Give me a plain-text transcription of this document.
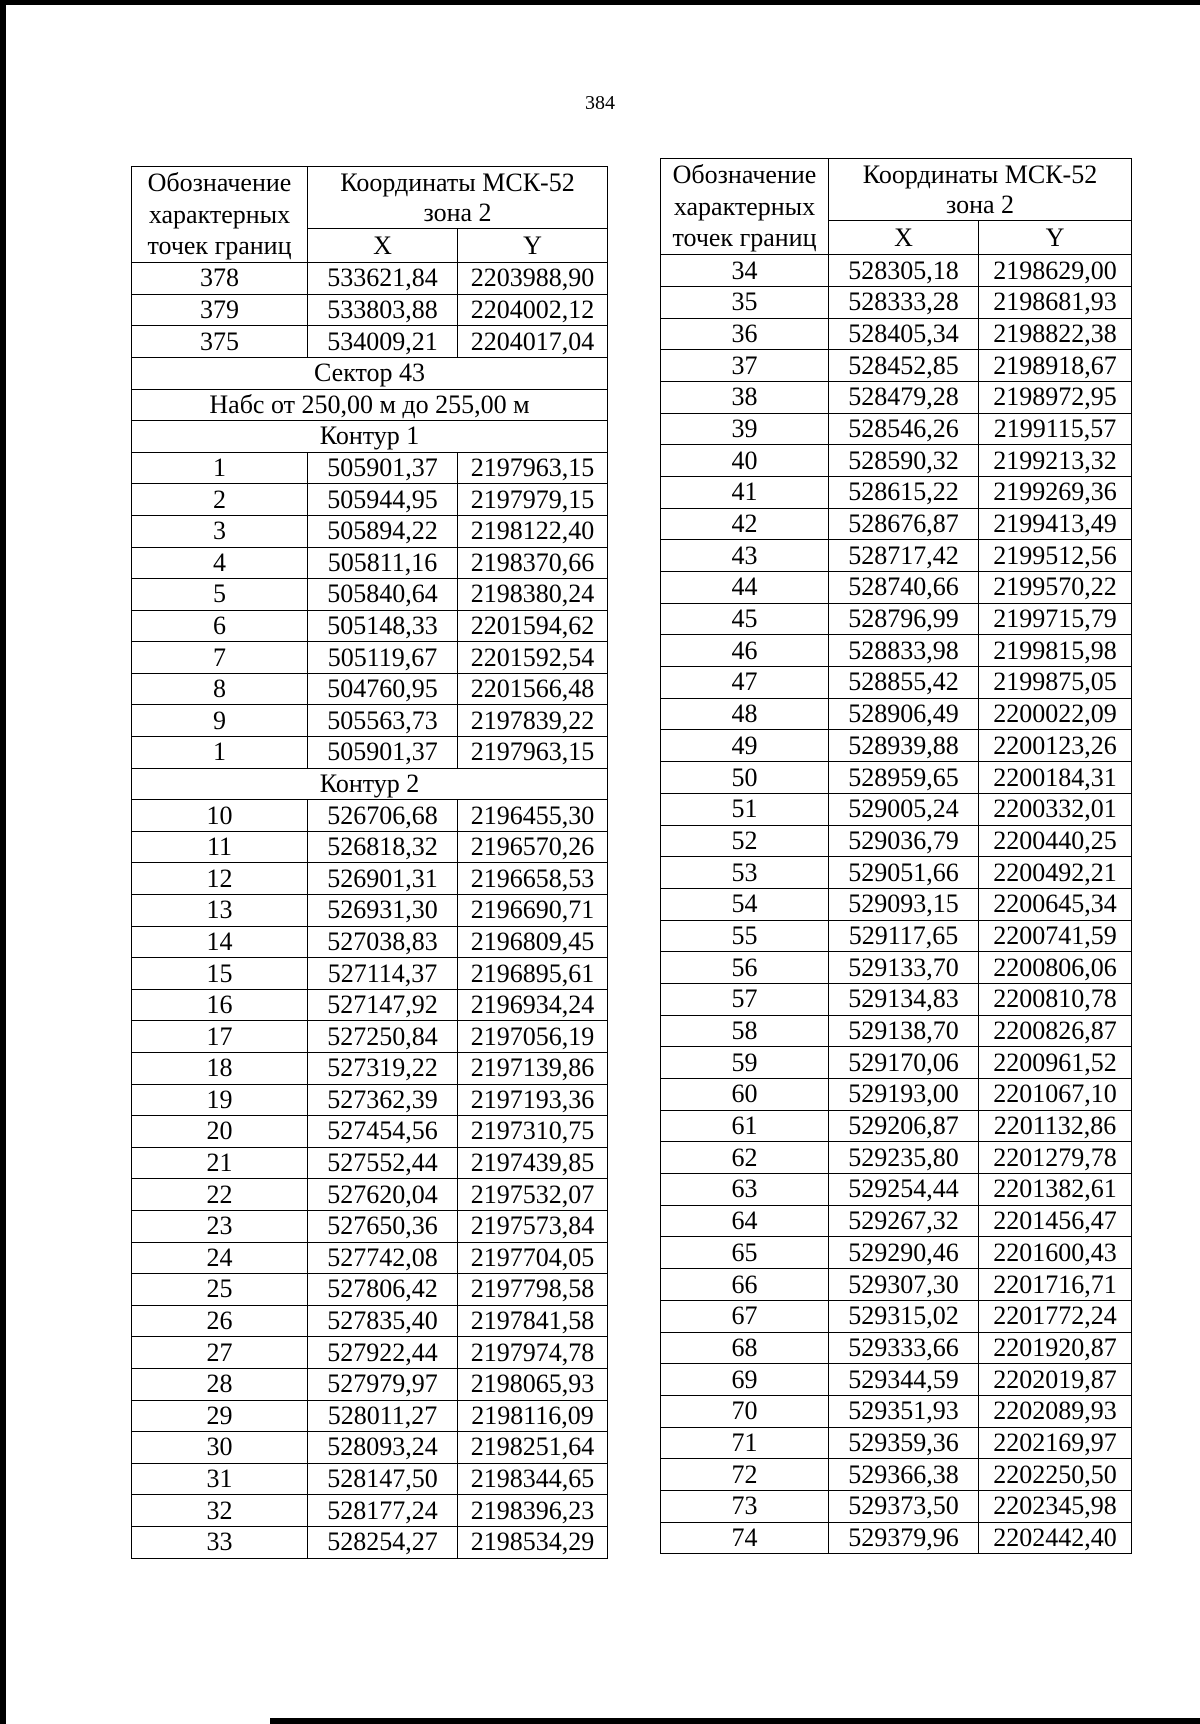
384
Обозначение
характерных
точек границ	Координаты МСК-52
зона 2	
	X	Y
378	533621,84	2203988,90
379	533803,88	2204002,12
375	534009,21	2204017,04
Сектор 43		
Набс от 250,00 м до 255,00 м		
Контур 1		
1	505901,37	2197963,15
2	505944,95	2197979,15
3	505894,22	2198122,40
4	505811,16	2198370,66
5	505840,64	2198380,24
6	505148,33	2201594,62
7	505119,67	2201592,54
8	504760,95	2201566,48
9	505563,73	2197839,22
1	505901,37	2197963,15
Контур 2		
10	526706,68	2196455,30
11	526818,32	2196570,26
12	526901,31	2196658,53
13	526931,30	2196690,71
14	527038,83	2196809,45
15	527114,37	2196895,61
16	527147,92	2196934,24
17	527250,84	2197056,19
18	527319,22	2197139,86
19	527362,39	2197193,36
20	527454,56	2197310,75
21	527552,44	2197439,85
22	527620,04	2197532,07
23	527650,36	2197573,84
24	527742,08	2197704,05
25	527806,42	2197798,58
26	527835,40	2197841,58
27	527922,44	2197974,78
28	527979,97	2198065,93
29	528011,27	2198116,09
30	528093,24	2198251,64
31	528147,50	2198344,65
32	528177,24	2198396,23
33	528254,27	2198534,29
Обозначение
характерных
точек границ	Координаты МСК-52
зона 2	
	X	Y
34	528305,18	2198629,00
35	528333,28	2198681,93
36	528405,34	2198822,38
37	528452,85	2198918,67
38	528479,28	2198972,95
39	528546,26	2199115,57
40	528590,32	2199213,32
41	528615,22	2199269,36
42	528676,87	2199413,49
43	528717,42	2199512,56
44	528740,66	2199570,22
45	528796,99	2199715,79
46	528833,98	2199815,98
47	528855,42	2199875,05
48	528906,49	2200022,09
49	528939,88	2200123,26
50	528959,65	2200184,31
51	529005,24	2200332,01
52	529036,79	2200440,25
53	529051,66	2200492,21
54	529093,15	2200645,34
55	529117,65	2200741,59
56	529133,70	2200806,06
57	529134,83	2200810,78
58	529138,70	2200826,87
59	529170,06	2200961,52
60	529193,00	2201067,10
61	529206,87	2201132,86
62	529235,80	2201279,78
63	529254,44	2201382,61
64	529267,32	2201456,47
65	529290,46	2201600,43
66	529307,30	2201716,71
67	529315,02	2201772,24
68	529333,66	2201920,87
69	529344,59	2202019,87
70	529351,93	2202089,93
71	529359,36	2202169,97
72	529366,38	2202250,50
73	529373,50	2202345,98
74	529379,96	2202442,40
